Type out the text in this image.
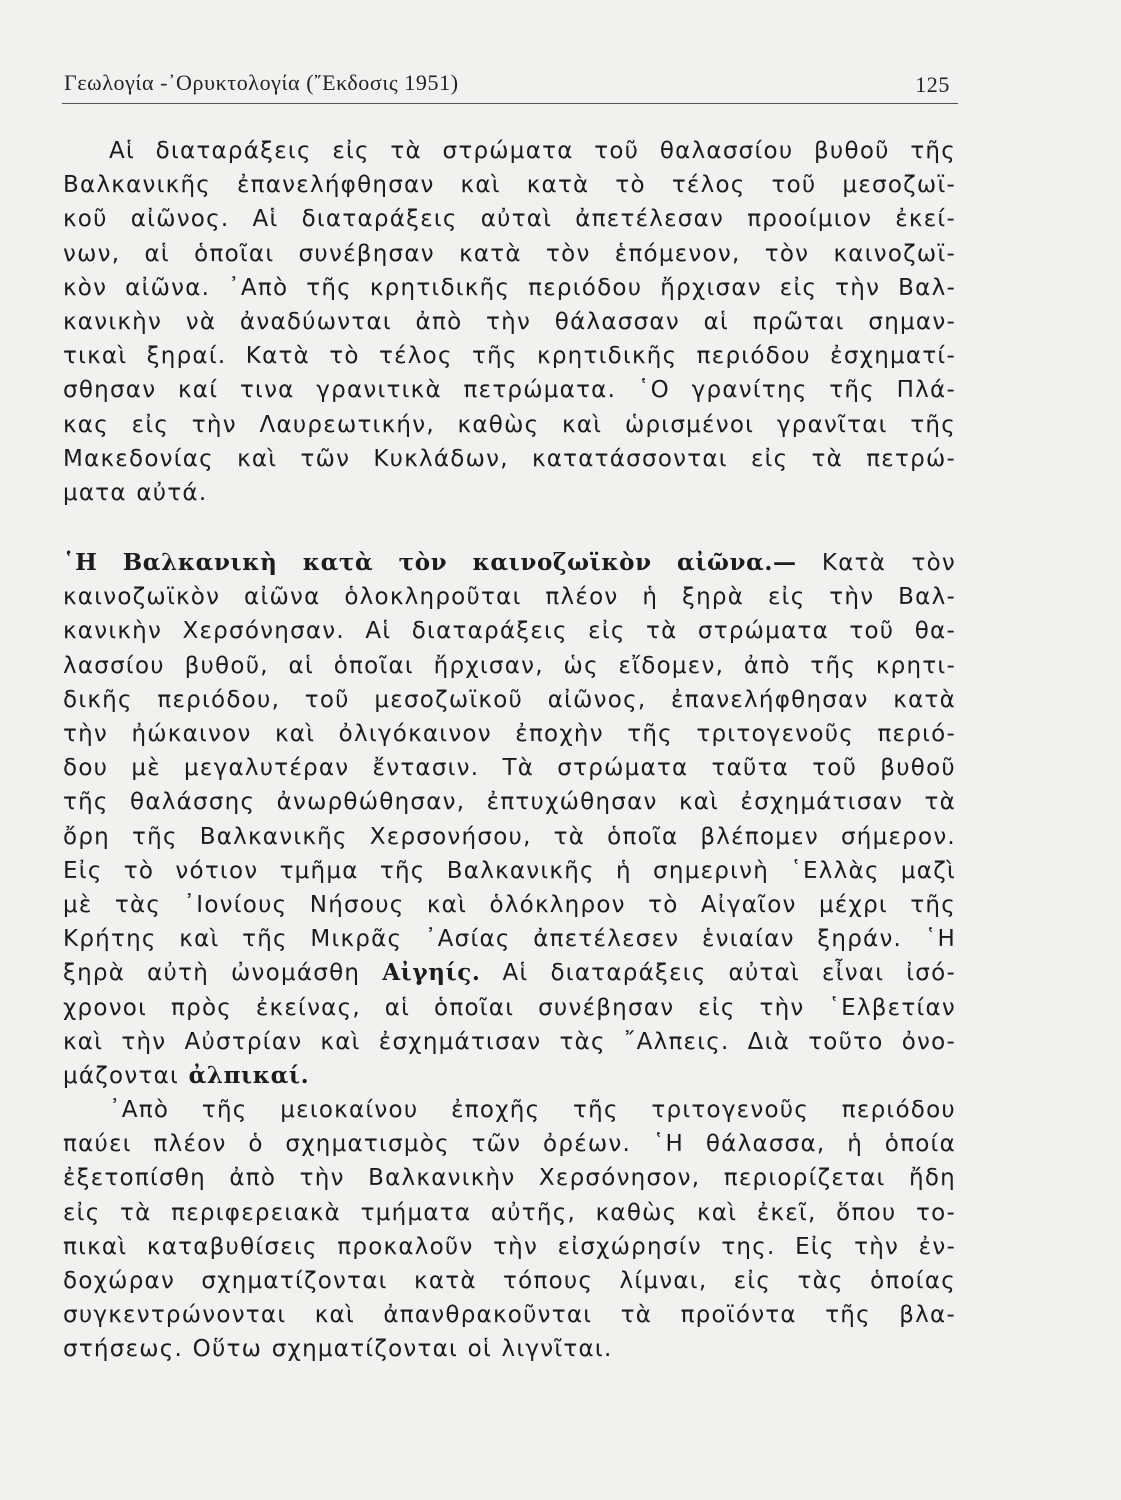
Γεωλογία -᾿Ορυκτολογία (῎Εκδοσις 1951)	125
Αἱ διαταράξεις εἰς τὰ στρώματα τοῦ θαλασσίου βυθοῦ τῆς
Βαλκανικῆς ἐπανελήφθησαν καὶ κατὰ τὸ τέλος τοῦ μεσοζωϊ-
κοῦ αἰῶνος. Αἱ διαταράξεις αὐταὶ ἀπετέλεσαν προοίμιον ἐκεί-
νων, αἱ ὁποῖαι συνέβησαν κατὰ τὸν ἑπόμενον, τὸν καινοζωϊ-
κὸν αἰῶνα. ᾿Απὸ τῆς κρητιδικῆς περιόδου ἤρχισαν εἰς τὴν Βαλ-
κανικὴν νὰ ἀναδύωνται ἀπὸ τὴν θάλασσαν αἱ πρῶται σημαν-
τικαὶ ξηραί. Κατὰ τὸ τέλος τῆς κρητιδικῆς περιόδου ἐσχηματί-
σθησαν καί τινα γρανιτικὰ πετρώματα. ῾Ο γρανίτης τῆς Πλά-
κας εἰς τὴν Λαυρεωτικήν, καθὼς καὶ ὡρισμένοι γρανῖται τῆς
Μακεδονίας καὶ τῶν Κυκλάδων, κατατάσσονται εἰς τὰ πετρώ-
ματα αὐτά.
῾Η Βαλκανικὴ κατὰ τὸν καινοζωϊκὸν αἰῶνα.— Κατὰ τὸν
καινοζωϊκὸν αἰῶνα ὁλοκληροῦται πλέον ἡ ξηρὰ εἰς τὴν Βαλ-
κανικὴν Χερσόνησαν. Αἱ διαταράξεις εἰς τὰ στρώματα τοῦ θα-
λασσίου βυθοῦ, αἱ ὁποῖαι ἤρχισαν, ὡς εἴδομεν, ἀπὸ τῆς κρητι-
δικῆς περιόδου, τοῦ μεσοζωϊκοῦ αἰῶνος, ἐπανελήφθησαν κατὰ
τὴν ἠώκαινον καὶ ὀλιγόκαινον ἐποχὴν τῆς τριτογενοῦς περιό-
δου μὲ μεγαλυτέραν ἔντασιν. Τὰ στρώματα ταῦτα τοῦ βυθοῦ
τῆς θαλάσσης ἀνωρθώθησαν, ἐπτυχώθησαν καὶ ἐσχημάτισαν τὰ
ὄρη τῆς Βαλκανικῆς Χερσονήσου, τὰ ὁποῖα βλέπομεν σήμερον.
Εἰς τὸ νότιον τμῆμα τῆς Βαλκανικῆς ἡ σημερινὴ ῾Ελλὰς μαζὶ
μὲ τὰς ᾿Ιονίους Νήσους καὶ ὁλόκληρον τὸ Αἰγαῖον μέχρι τῆς
Κρήτης καὶ τῆς Μικρᾶς ᾿Ασίας ἀπετέλεσεν ἑνιαίαν ξηράν. ῾Η
ξηρὰ αὐτὴ ὠνομάσθη Αἰγηίς. Αἱ διαταράξεις αὐταὶ εἶναι ἰσό-
χρονοι πρὸς ἐκείνας, αἱ ὁποῖαι συνέβησαν εἰς τὴν ῾Ελβετίαν
καὶ τὴν Αὐστρίαν καὶ ἐσχημάτισαν τὰς ῎Αλπεις. Διὰ τοῦτο ὀνο-
μάζονται ἀλπικαί.
᾿Απὸ τῆς μειοκαίνου ἐποχῆς τῆς τριτογενοῦς περιόδου
παύει πλέον ὁ σχηματισμὸς τῶν ὀρέων. ῾Η θάλασσα, ἡ ὁποία
ἐξετοπίσθη ἀπὸ τὴν Βαλκανικὴν Χερσόνησον, περιορίζεται ἤδη
εἰς τὰ περιφερειακὰ τμήματα αὐτῆς, καθὼς καὶ ἐκεῖ, ὅπου το-
πικαὶ καταβυθίσεις προκαλοῦν τὴν εἰσχώρησίν της. Εἰς τὴν ἐν-
δοχώραν σχηματίζονται κατὰ τόπους λίμναι, εἰς τὰς ὁποίας
συγκεντρώνονται καὶ ἀπανθρακοῦνται τὰ προϊόντα τῆς βλα-
στήσεως. Οὕτω σχηματίζονται οἱ λιγνῖται.
